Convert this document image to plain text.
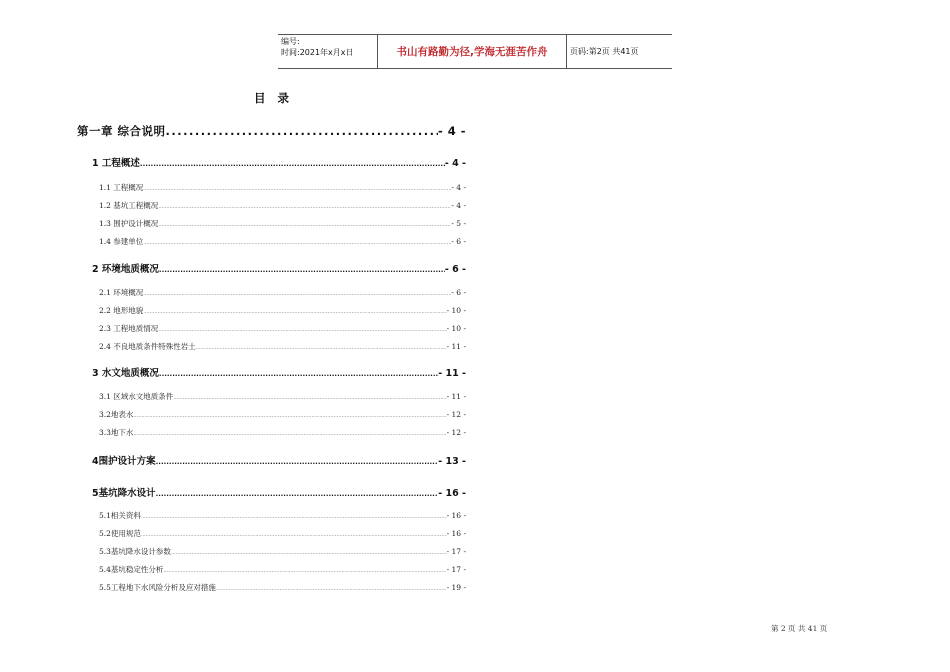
编号:
时间:2021年x月x日	书山有路勤为径,学海无涯苦作舟	页码:第2页 共41页
目 录
第一章 综合说明 .....	- 4 -
1 工程概述 .....	- 4 -
1.1 工程概况 .....	- 4 -
1.2 基坑工程概况 .....	- 4 -
1.3 围护设计概况 .....	- 5 -
1.4 参建单位 .....	- 6 -
2 环境地质概况 .....	- 6 -
2.1 环境概况 .....	- 6 -
2.2 地形地貌 .....	- 10 -
2.3 工程地质情况 .....	- 10 -
2.4 不良地质条件特殊性岩土 .....	- 11 -
3 水文地质概况 .....	- 11 -
3.1 区域水文地质条件 .....	- 11 -
3.2地表水 .....	- 12 -
3.3地下水 .....	- 12 -
4围护设计方案 .....	- 13 -
5基坑降水设计 .....	- 16 -
5.1相关资料 .....	- 16 -
5.2使用规范 .....	- 16 -
5.3基坑降水设计参数 .....	- 17 -
5.4基坑稳定性分析 .....	- 17 -
5.5工程地下水风险分析及应对措施 .....	- 19 -
第 2 页 共 41 页
